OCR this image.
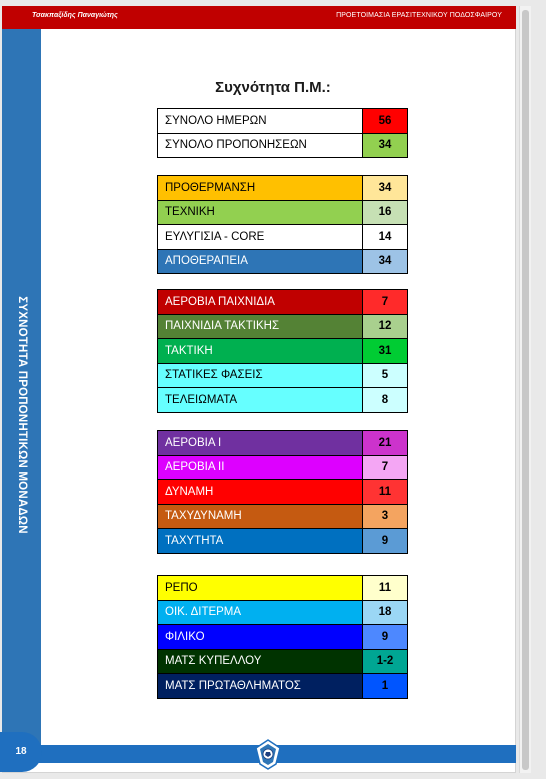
Τσακπαξίδης Παναγιώτης	ΠΡΟΕΤΟΙΜΑΣΙΑ ΕΡΑΣΙΤΕΧΝΙΚΟΥ ΠΟΔΟΣΦΑΙΡΟΥ
ΣΥΧΝΟΤΗΤΑ ΠΡΟΠΟΝΗΤΙΚΩΝ ΜΟΝΑΔΩΝ
Συχνότητα Π.Μ.:
ΣΥΝΟΛΟ ΗΜΕΡΩΝ	56
ΣΥΝΟΛΟ ΠΡΟΠΟΝΗΣΕΩΝ	34
ΠΡΟΘΕΡΜΑΝΣΗ	34
ΤΕΧΝΙΚΗ	16
ΕΥΛΥΓΙΣΙΑ - CORE	14
ΑΠΟΘΕΡΑΠΕΙΑ	34
ΑΕΡΟΒΙΑ ΠΑΙΧΝΙΔΙΑ	7
ΠΑΙΧΝΙΔΙΑ ΤΑΚΤΙΚΗΣ	12
ΤΑΚΤΙΚΗ	31
ΣΤΑΤΙΚΕΣ ΦΑΣΕΙΣ	5
ΤΕΛΕΙΩΜΑΤΑ	8
ΑΕΡΟΒΙΑ Ι	21
ΑΕΡΟΒΙΑ ΙΙ	7
ΔΥΝΑΜΗ	11
ΤΑΧΥΔΥΝΑΜΗ	3
ΤΑΧΥΤΗΤΑ	9
ΡΕΠΟ	11
ΟΙΚ. ΔΙΤΕΡΜΑ	18
ΦΙΛΙΚΟ	9
ΜΑΤΣ ΚΥΠΕΛΛΟΥ	1-2
ΜΑΤΣ ΠΡΩΤΑΘΛΗΜΑΤΟΣ	1
18
